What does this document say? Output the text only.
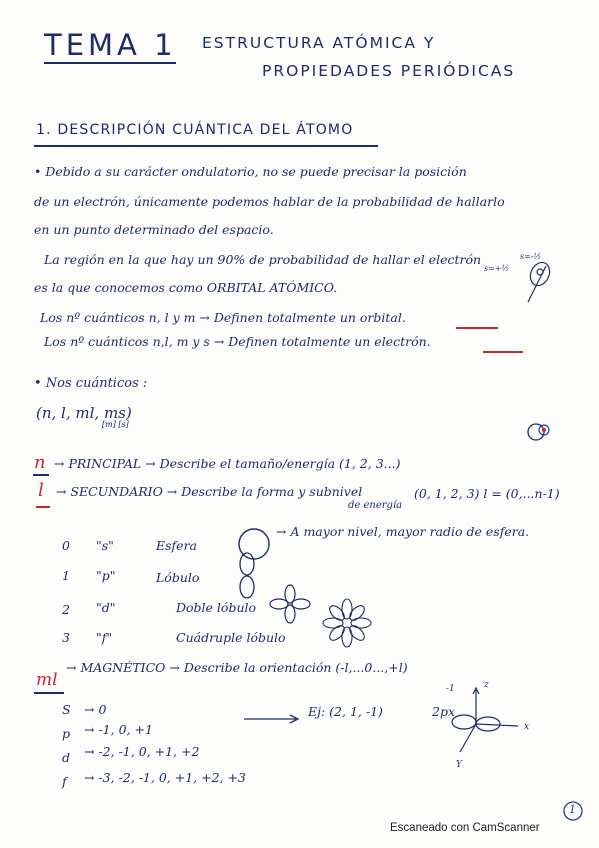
TEMA 1 ESTRUCTURA ATÓMICA Y
PROPIEDADES PERIÓDICAS
1. DESCRIPCIÓN CUÁNTICA DEL ÁTOMO
• Debido a su carácter ondulatorio, no se puede precisar la posición
de un electrón, únicamente podemos hablar de la probabilidad de hallarlo
en un punto determinado del espacio.
La región en la que hay un 90% de probabilidad de hallar el electrón
es la que conocemos como ORBITAL ATÓMICO.
Los nº cuánticos n, l y m → Definen totalmente un orbital.
Los nº cuánticos n,l, m y s → Definen totalmente un electrón.
s=+½
s=-½
• Nos cuánticos :
(n, l, ml, ms)
[m] [s]
n → PRINCIPAL → Describe el tamaño/energía (1, 2, 3...)
l → SECUNDARIO → Describe la forma y subnivel
de energía
(0, 1, 2, 3) l = (0,...n-1)
0 "s"	Esfera
→ A mayor nivel, mayor radio de esfera.
1 "p"	Lóbulo
2 "d"	Doble lóbulo
3 "f"	Cuádruple lóbulo
ml
→ MAGNÉTICO → Describe la orientación (-l,...0...,+l)
S → 0
p → -1, 0, +1
d → -2, -1, 0, +1, +2
f → -3, -2, -1, 0, +1, +2, +3
Ej: (2, 1, -1)	2px
z
x
Y
-1
1
Escaneado con CamScanner
